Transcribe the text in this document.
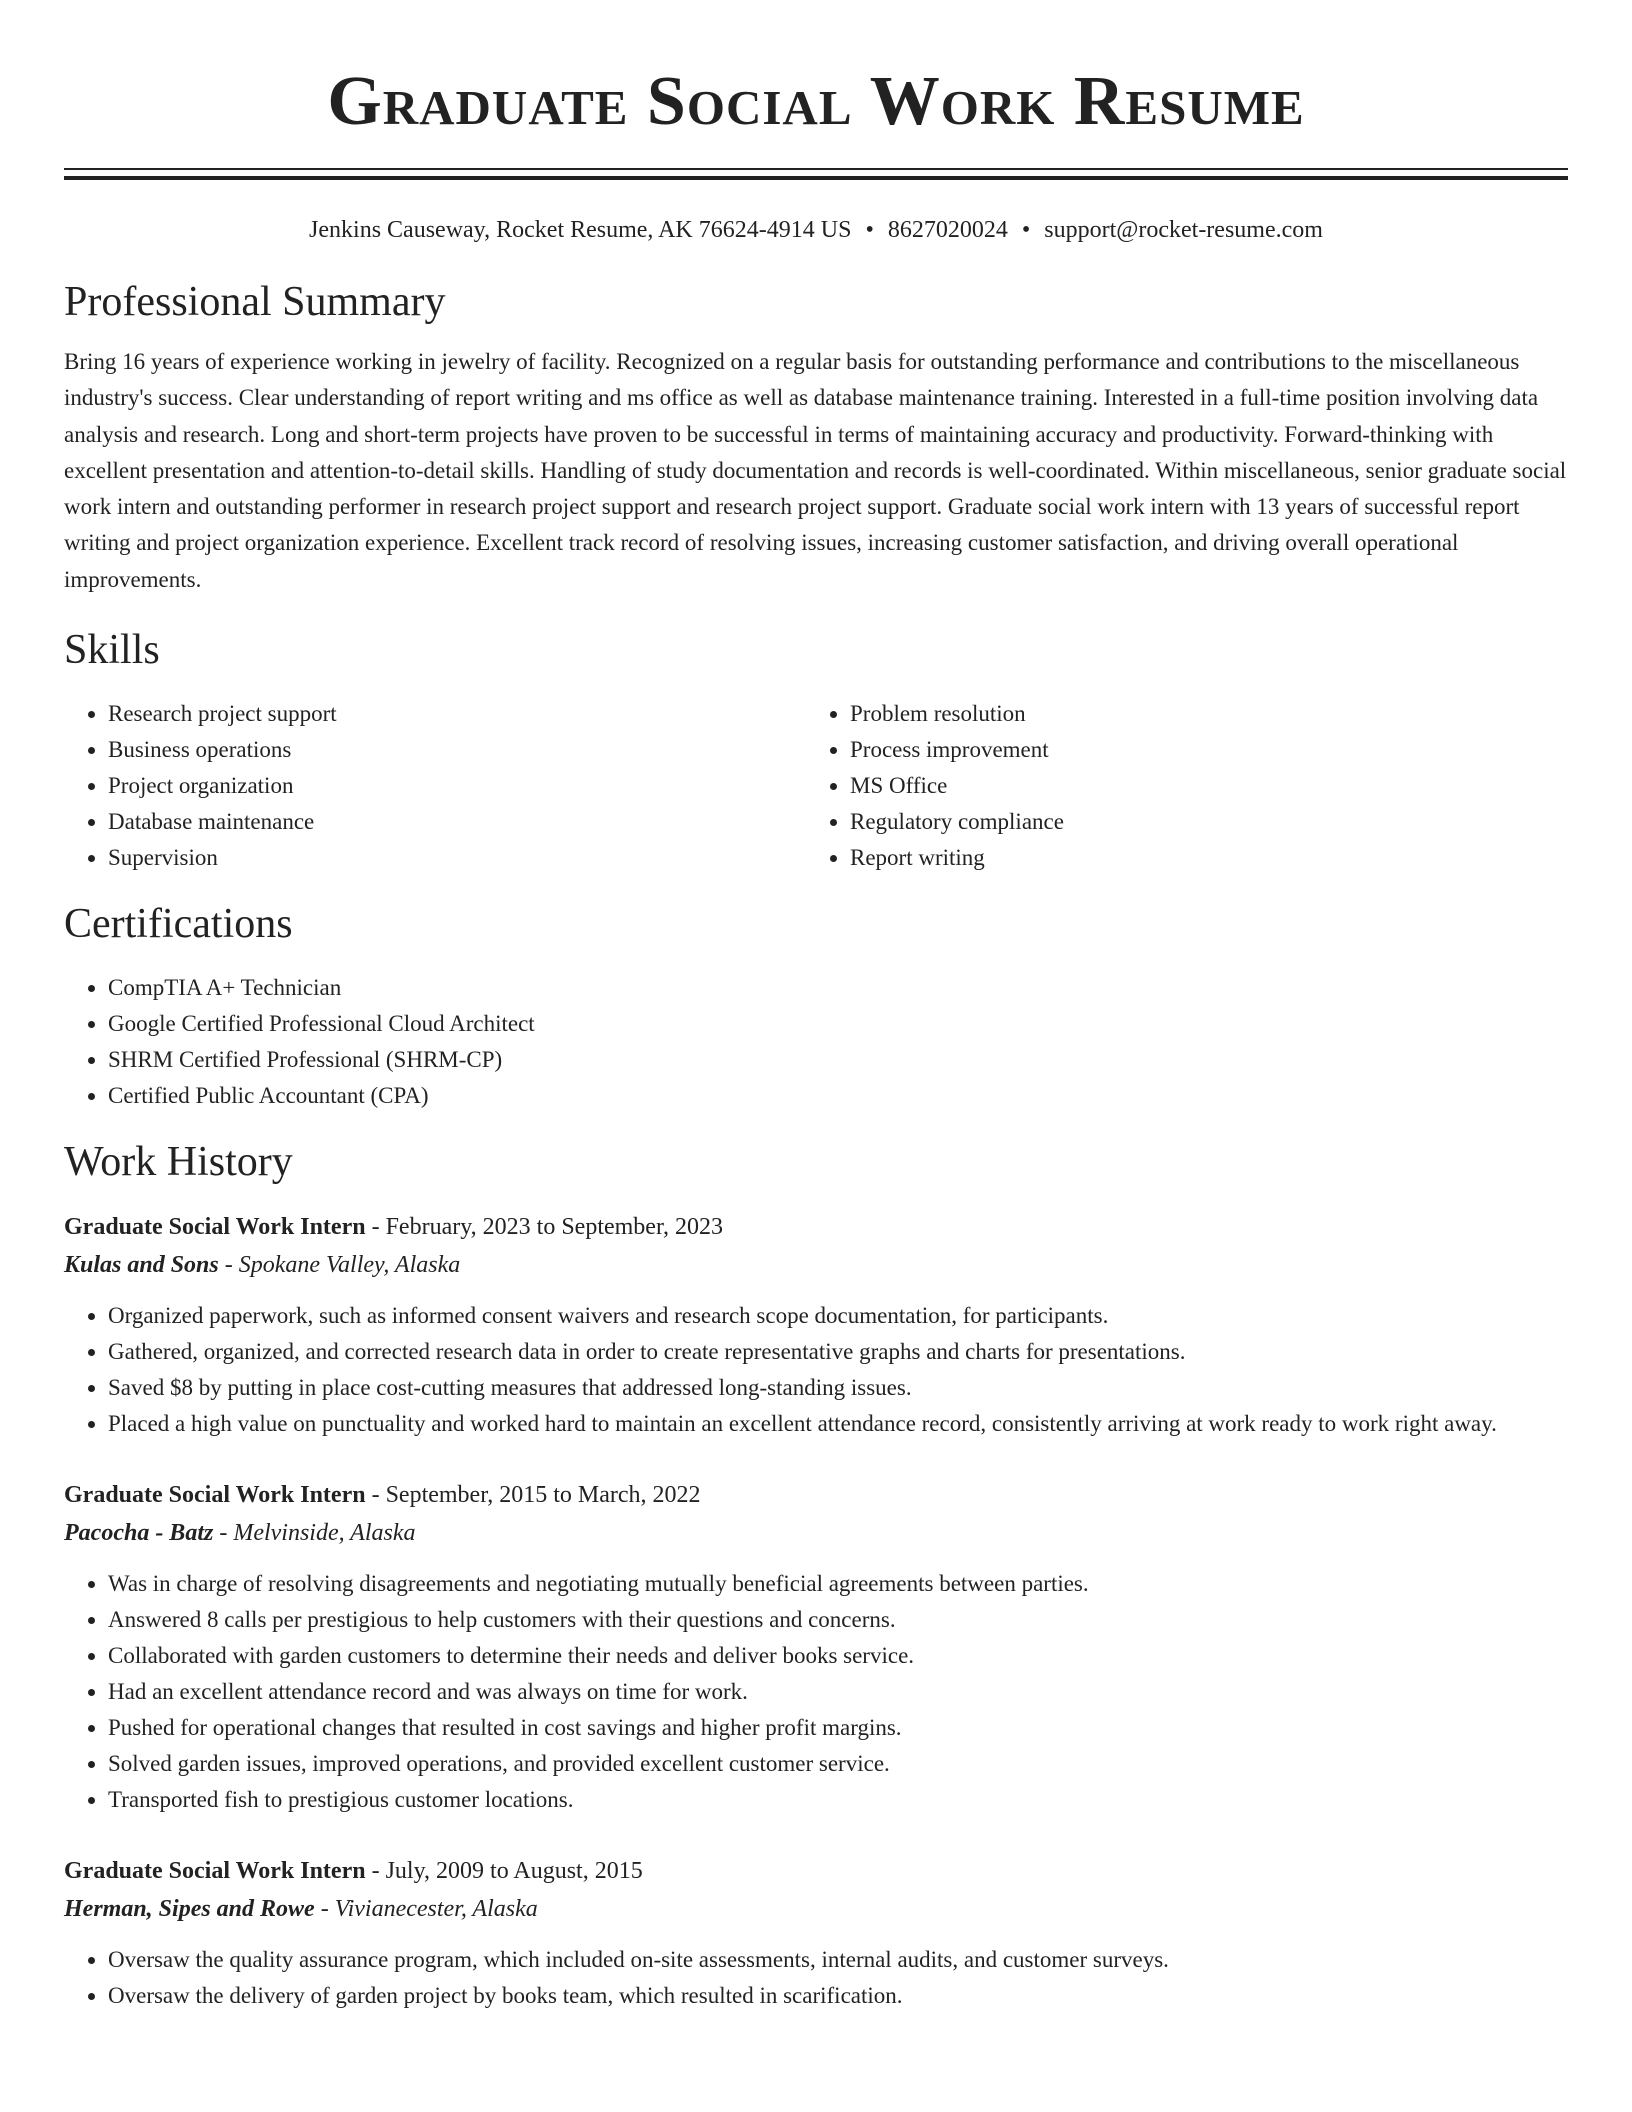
Graduate Social Work Resume
Jenkins Causeway, Rocket Resume, AK 76624-4914 US • 8627020024 • support@rocket-resume.com
Professional Summary

Bring 16 years of experience working in jewelry of facility. Recognized on a regular basis for outstanding performance and contributions to the miscellaneous industry's success. Clear understanding of report writing and ms office as well as database maintenance training. Interested in a full-time position involving data analysis and research. Long and short-term projects have proven to be successful in terms of maintaining accuracy and productivity. Forward-thinking with excellent presentation and attention-to-detail skills. Handling of study documentation and records is well-coordinated. Within miscellaneous, senior graduate social work intern and outstanding performer in research project support and research project support. Graduate social work intern with 13 years of successful report writing and project organization experience. Excellent track record of resolving issues, increasing customer satisfaction, and driving overall operational improvements.

Skills
• Research project support
• Business operations
• Project organization
• Database maintenance
• Supervision
• Problem resolution
• Process improvement
• MS Office
• Regulatory compliance
• Report writing
Certifications
• CompTIA A+ Technician
• Google Certified Professional Cloud Architect
• SHRM Certified Professional (SHRM-CP)
• Certified Public Accountant (CPA)
Work History
Graduate Social Work Intern - February, 2023 to September, 2023
Kulas and Sons - Spokane Valley, Alaska
• Organized paperwork, such as informed consent waivers and research scope documentation, for participants.
• Gathered, organized, and corrected research data in order to create representative graphs and charts for presentations.
• Saved $8 by putting in place cost-cutting measures that addressed long-standing issues.
• Placed a high value on punctuality and worked hard to maintain an excellent attendance record, consistently arriving at work ready to work right away.
Graduate Social Work Intern - September, 2015 to March, 2022
Pacocha - Batz - Melvinside, Alaska
• Was in charge of resolving disagreements and negotiating mutually beneficial agreements between parties.
• Answered 8 calls per prestigious to help customers with their questions and concerns.
• Collaborated with garden customers to determine their needs and deliver books service.
• Had an excellent attendance record and was always on time for work.
• Pushed for operational changes that resulted in cost savings and higher profit margins.
• Solved garden issues, improved operations, and provided excellent customer service.
• Transported fish to prestigious customer locations.
Graduate Social Work Intern - July, 2009 to August, 2015
Herman, Sipes and Rowe - Vivianecester, Alaska
• Oversaw the quality assurance program, which included on-site assessments, internal audits, and customer surveys.
• Oversaw the delivery of garden project by books team, which resulted in scarification.
